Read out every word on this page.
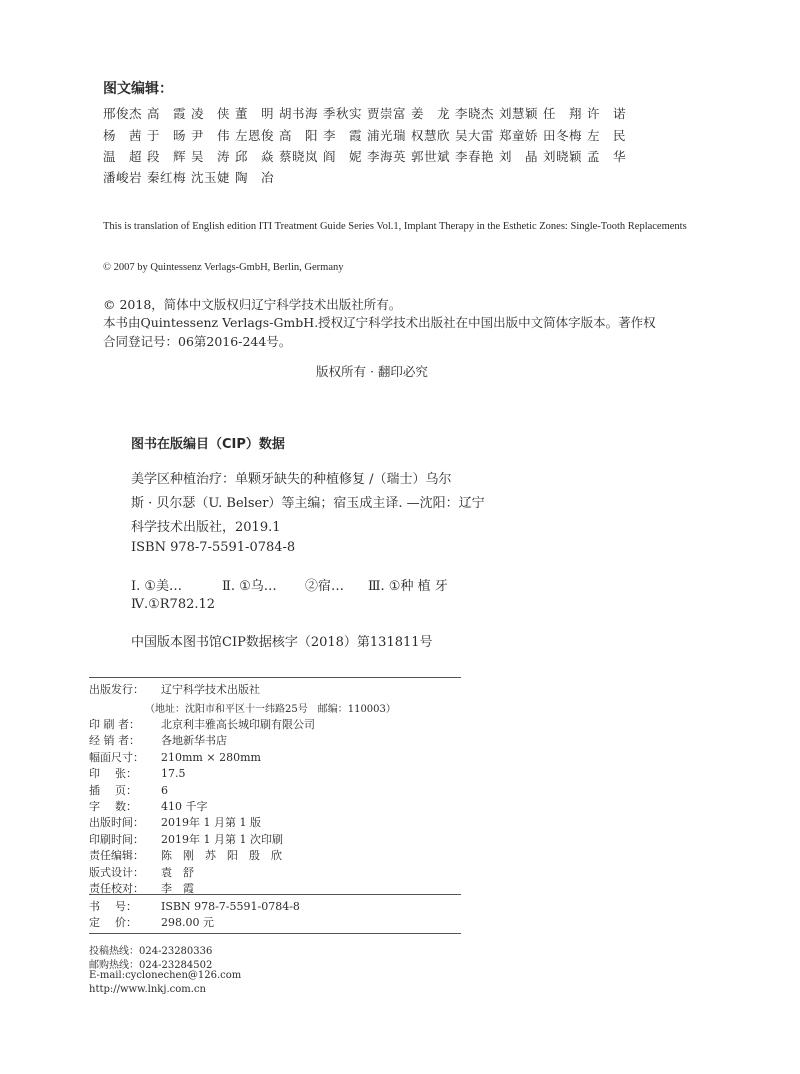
图文编辑：
邢俊杰 高　霞 凌　侠 董　明 胡书海 季秋实 贾崇富 姜　龙 李晓杰 刘慧颖 任　翔 许　诺
杨　茜 于　旸 尹　伟 左恩俊 高　阳 李　霞 浦光瑞 权慧欣 吴大雷 郑童娇 田冬梅 左　民
温　超 段　辉 吴　涛 邱　焱 蔡晓岚 阎　妮 李海英 郭世斌 李春艳 刘　晶 刘晓颖 孟　华
潘峻岩 秦红梅 沈玉婕 陶　冶
This is translation of English edition ITI Treatment Guide Series Vol.1, Implant Therapy in the Esthetic Zones: Single-Tooth Replacements
© 2007 by Quintessenz Verlags-GmbH, Berlin, Germany
© 2018，简体中文版权归辽宁科学技术出版社所有。
本书由Quintessenz Verlags-GmbH.授权辽宁科学技术出版社在中国出版中文简体字版本。著作权合同登记号：06第2016-244号。
版权所有 · 翻印必究
图书在版编目（CIP）数据
美学区种植治疗：单颗牙缺失的种植修复 /（瑞士）乌尔
斯 · 贝尔瑟（U. Belser）等主编；宿玉成主译. —沈阳：辽宁
科学技术出版社，2019.1
ISBN 978-7-5591-0784-8
Ⅰ. ①美…	Ⅱ. ①乌… ②宿… Ⅲ. ①种 植 牙
Ⅳ.①R782.12
中国版本图书馆CIP数据核字（2018）第131811号
出版发行： 辽宁科学技术出版社
（地址：沈阳市和平区十一纬路25号　邮编：110003）
印 刷 者： 北京利丰雅高长城印刷有限公司
经 销 者： 各地新华书店
幅面尺寸： 210mm × 280mm
印 张： 17.5
插 页： 6
字 数： 410 千字
出版时间： 2019年 1 月第 1 版
印刷时间： 2019年 1 月第 1 次印刷
责任编辑： 陈　刚　苏　阳　殷　欣
版式设计： 袁　舒
责任校对： 李　霞
书 号： ISBN 978-7-5591-0784-8
定 价： 298.00 元
投稿热线：024-23280336
邮购热线：024-23284502
E-mail:cyclonechen@126.com
http://www.lnkj.com.cn
